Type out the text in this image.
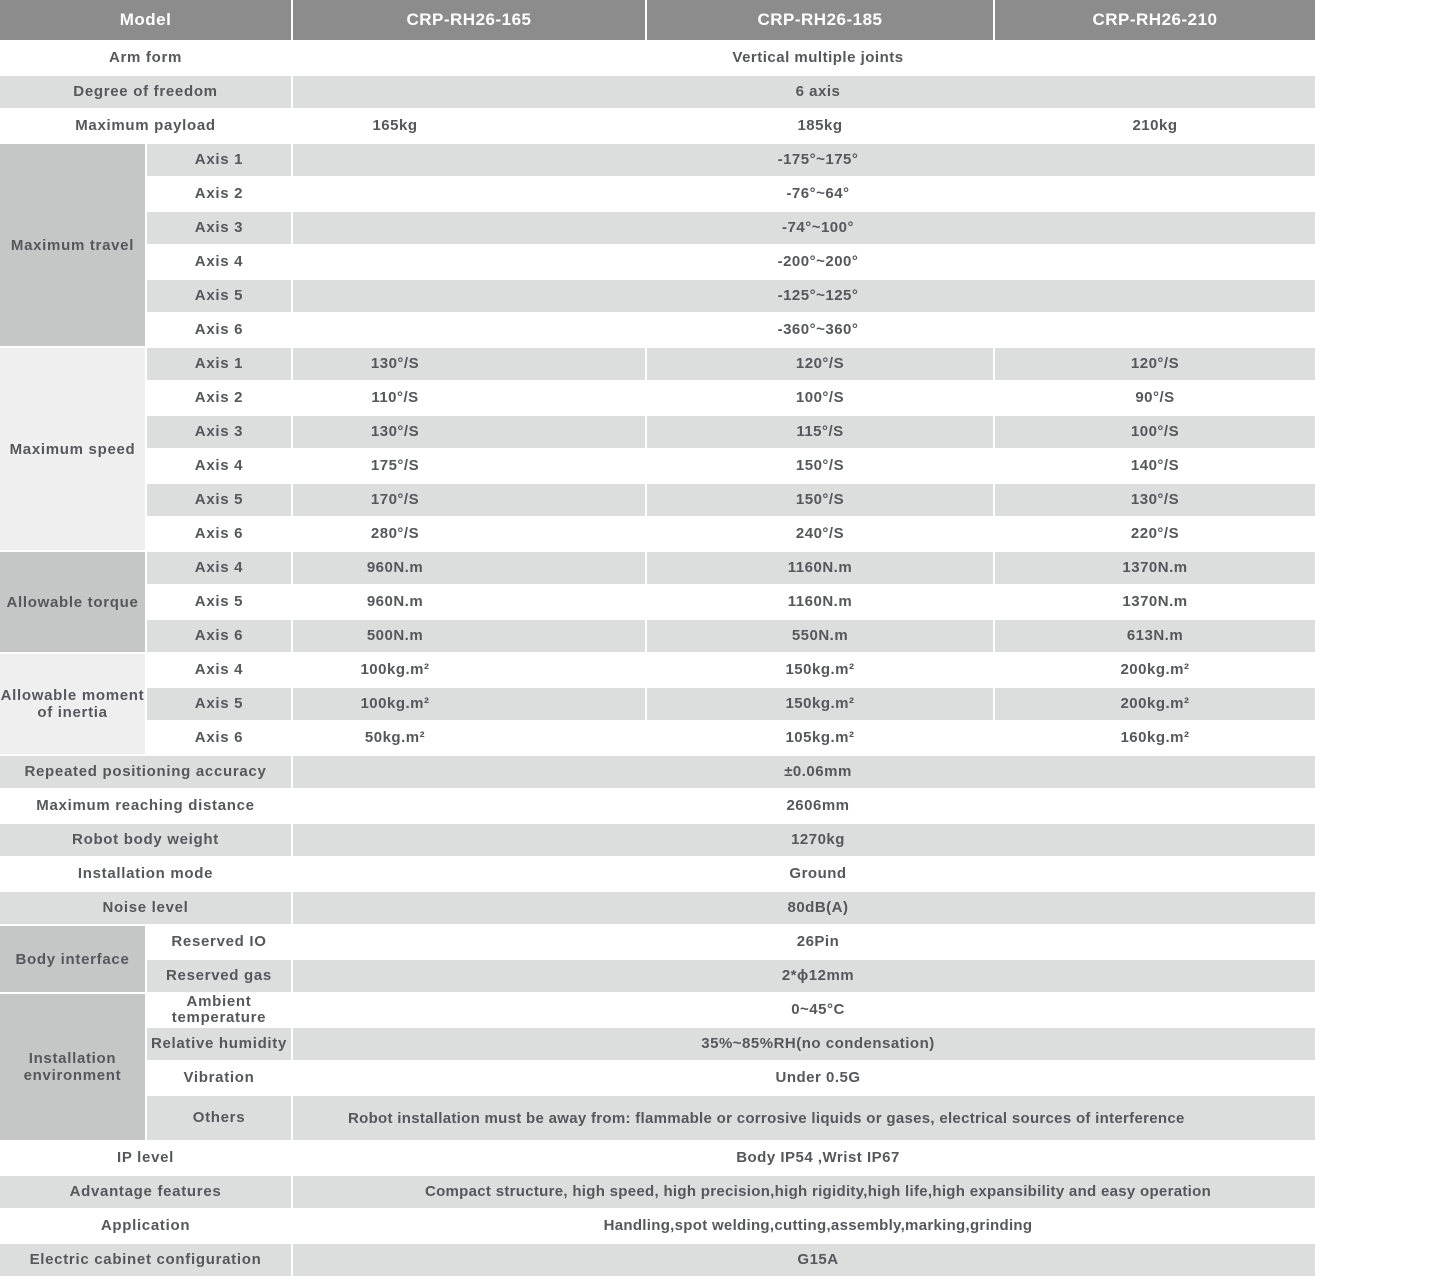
Model	CRP-RH26-165	CRP-RH26-185	CRP-RH26-210
Arm form	Vertical multiple joints
Degree of freedom	6 axis
Maximum payload	165kg	185kg	210kg
Maximum travel
Axis 1	-175°~175°
Axis 2	-76°~64°
Axis 3	-74°~100°
Axis 4	-200°~200°
Axis 5	-125°~125°
Axis 6	-360°~360°
Maximum speed
Axis 1	130°/S	120°/S	120°/S
Axis 2	110°/S	100°/S	90°/S
Axis 3	130°/S	115°/S	100°/S
Axis 4	175°/S	150°/S	140°/S
Axis 5	170°/S	150°/S	130°/S
Axis 6	280°/S	240°/S	220°/S
Allowable torque
Axis 4	960N.m	1160N.m	1370N.m
Axis 5	960N.m	1160N.m	1370N.m
Axis 6	500N.m	550N.m	613N.m
Allowable moment of inertia
Axis 4	100kg.m²	150kg.m²	200kg.m²
Axis 5	100kg.m²	150kg.m²	200kg.m²
Axis 6	50kg.m²	105kg.m²	160kg.m²
Repeated positioning accuracy	±0.06mm
Maximum reaching distance	2606mm
Robot body weight	1270kg
Installation mode	Ground
Noise level	80dB(A)
Body interface
Reserved IO	26Pin
Reserved gas	2*ϕ12mm
Installation environment
Ambient temperature	0~45°C
Relative humidity	35%~85%RH(no condensation)
Vibration	Under 0.5G
Others	Robot installation must be away from: flammable or corrosive liquids or gases, electrical sources of interference
IP level	Body IP54 ,Wrist IP67
Advantage features	Compact structure, high speed, high precision,high rigidity,high life,high expansibility and easy operation
Application	Handling,spot welding,cutting,assembly,marking,grinding
Electric cabinet configuration	G15A
